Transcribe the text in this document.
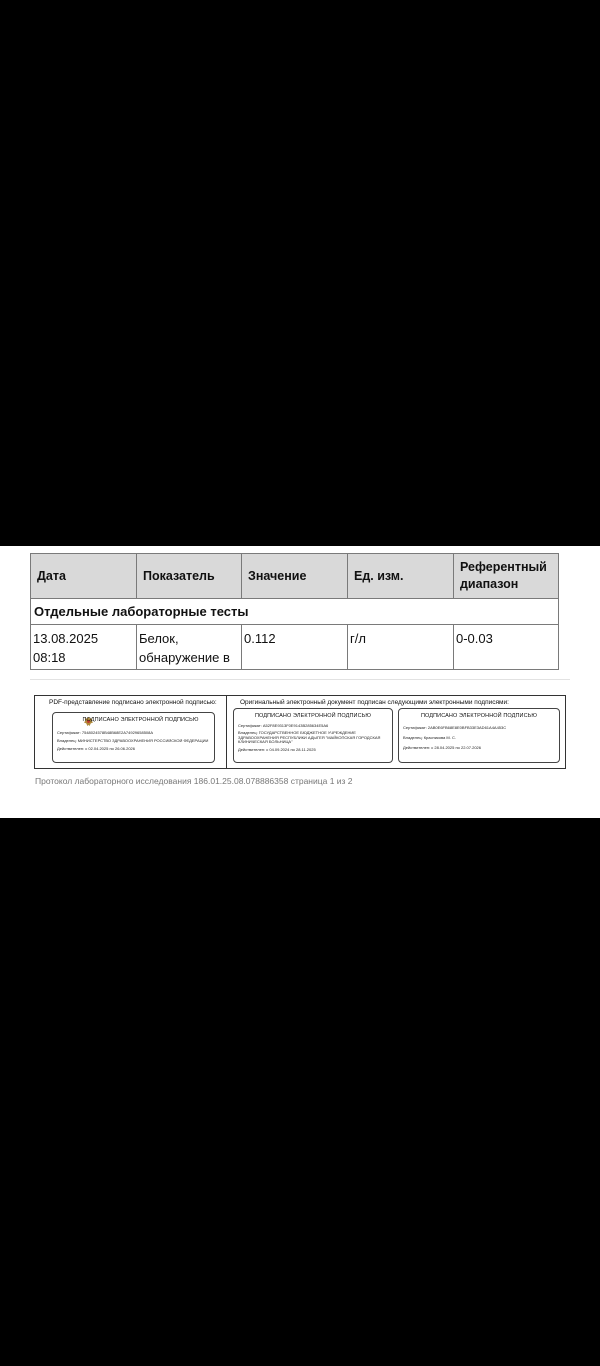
Дата	Показатель	Значение	Ед. изм.	Референтный диапазон
Отдельные лабораторные тесты				
13.08.2025 08:18	Белок, обнаружение в	0.112	г/л	0-0.03
PDF-представление подписано электронной подписью:	Оригинальный электронный документ подписан следующими электронными подписями:
ПОДПИСАНО ЭЛЕКТРОННОЙ ПОДПИСЬЮ
Сертификат: 7548024578B48B68E2A74929658508A
Владелец: МИНИСТЕРСТВО ЗДРАВООХРАНЕНИЯ РОССИЙСКОЙ ФЕДЕРАЦИИ
Действителен: с 02.04.2025 по 26.06.2026
ПОДПИСАНО ЭЛЕКТРОННОЙ ПОДПИСЬЮ
Сертификат: A52F8E9313F0E9143B285634E5A6
Владелец: ГОСУДАРСТВЕННОЕ БЮДЖЕТНОЕ УЧРЕЖДЕНИЕ ЗДРАВООХРАНЕНИЯ РЕСПУБЛИКИ АДЫГЕЯ "МАЙКОПСКАЯ ГОРОДСКАЯ КЛИНИЧЕСКАЯ БОЛЬНИЦА"
Действителен: с 04.09.2024 по 28.11.2025
ПОДПИСАНО ЭЛЕКТРОННОЙ ПОДПИСЬЮ
Сертификат: 2AB0E6FB68E8E0BFB33E3AD61A4A453C
Владелец: Красникова М. С.
Действителен: с 28.04.2025 по 22.07.2026
Протокол лабораторного исследования 186.01.25.08.078886358 страница 1 из 2
